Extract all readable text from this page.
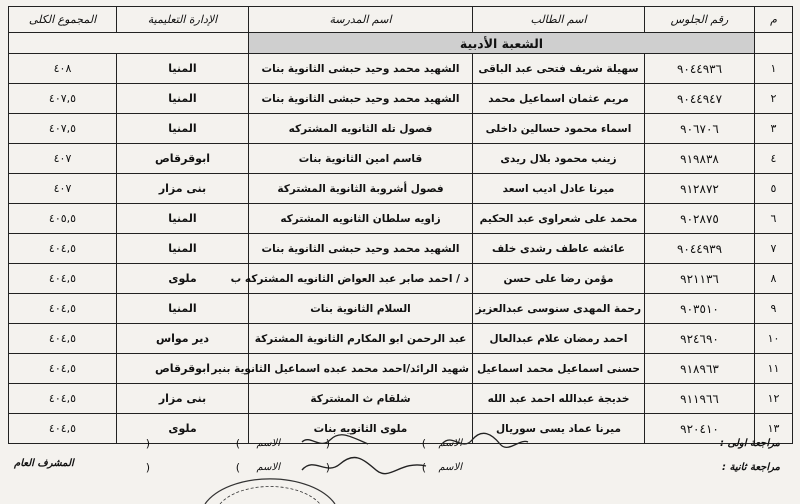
م	رقم الجلوس	اسم الطالب	اسم المدرسة	الإدارة التعليمية	المجموع الكلى
	الشعبة الأدبية				
١	٩٠٤٤٩٣٦	سهيلة شريف فتحى عبد الباقى	الشهيد محمد وحيد حبشى الثانوية بنات	المنيا	٤٠٨
٢	٩٠٤٤٩٤٧	مريم عثمان اسماعيل محمد	الشهيد محمد وحيد حبشى الثانوية بنات	المنيا	٤٠٧,٥
٣	٩٠٦٧٠٦	اسماء محمود حسالين داخلى	فصول تله الثانويه المشتركه	المنيا	٤٠٧,٥
٤	٩١٩٨٣٨	زينب محمود بلال ريدى	قاسم امين الثانوية بنات	ابوقرقاص	٤٠٧
٥	٩١٢٨٧٢	ميرنا عادل اديب اسعد	فصول أشروبة الثانوية المشتركة	بنى مزار	٤٠٧
٦	٩٠٢٨٧٥	محمد على شعراوى عبد الحكيم	زاويه سلطان الثانويه المشتركه	المنيا	٤٠٥,٥
٧	٩٠٤٤٩٣٩	عائشه عاطف رشدى خلف	الشهيد محمد وحيد حبشى الثانوية بنات	المنيا	٤٠٤,٥
٨	٩٢١١٣٦	مؤمن رضا على حسن	د / احمد صابر عبد العواض الثانويه المشتركه ب	ملوى	٤٠٤,٥
٩	٩٠٣٥١٠	رحمة المهدى سنوسى عبدالعزيز	السلام الثانوية بنات	المنيا	٤٠٤,٥
١٠	٩٢٤٦٩٠	احمد رمضان علام عبدالعال	عبد الرحمن ابو المكارم الثانوية المشتركة	دير مواس	٤٠٤,٥
١١	٩١٨٩٦٣	حسنى اسماعيل محمد اسماعيل	شهيد الرائد/احمد محمد عبده اسماعيل الثانوية بنير	ابوقرقاص	٤٠٤,٥
١٢	٩١١٩٦٦	خديجة عبدالله احمد عبد الله	شلقام ث المشتركة	بنى مزار	٤٠٤,٥
١٣	٩٢٠٤١٠	ميرنا عماد يسى سوريال	ملوى الثانويه بنات	ملوى	٤٠٤,٥
مراجعة اولى :
مراجعة ثانية :
الاسم
الاسم
الاسم
الاسم
(	)
(	)
(	)
(	)
المشرف العام
